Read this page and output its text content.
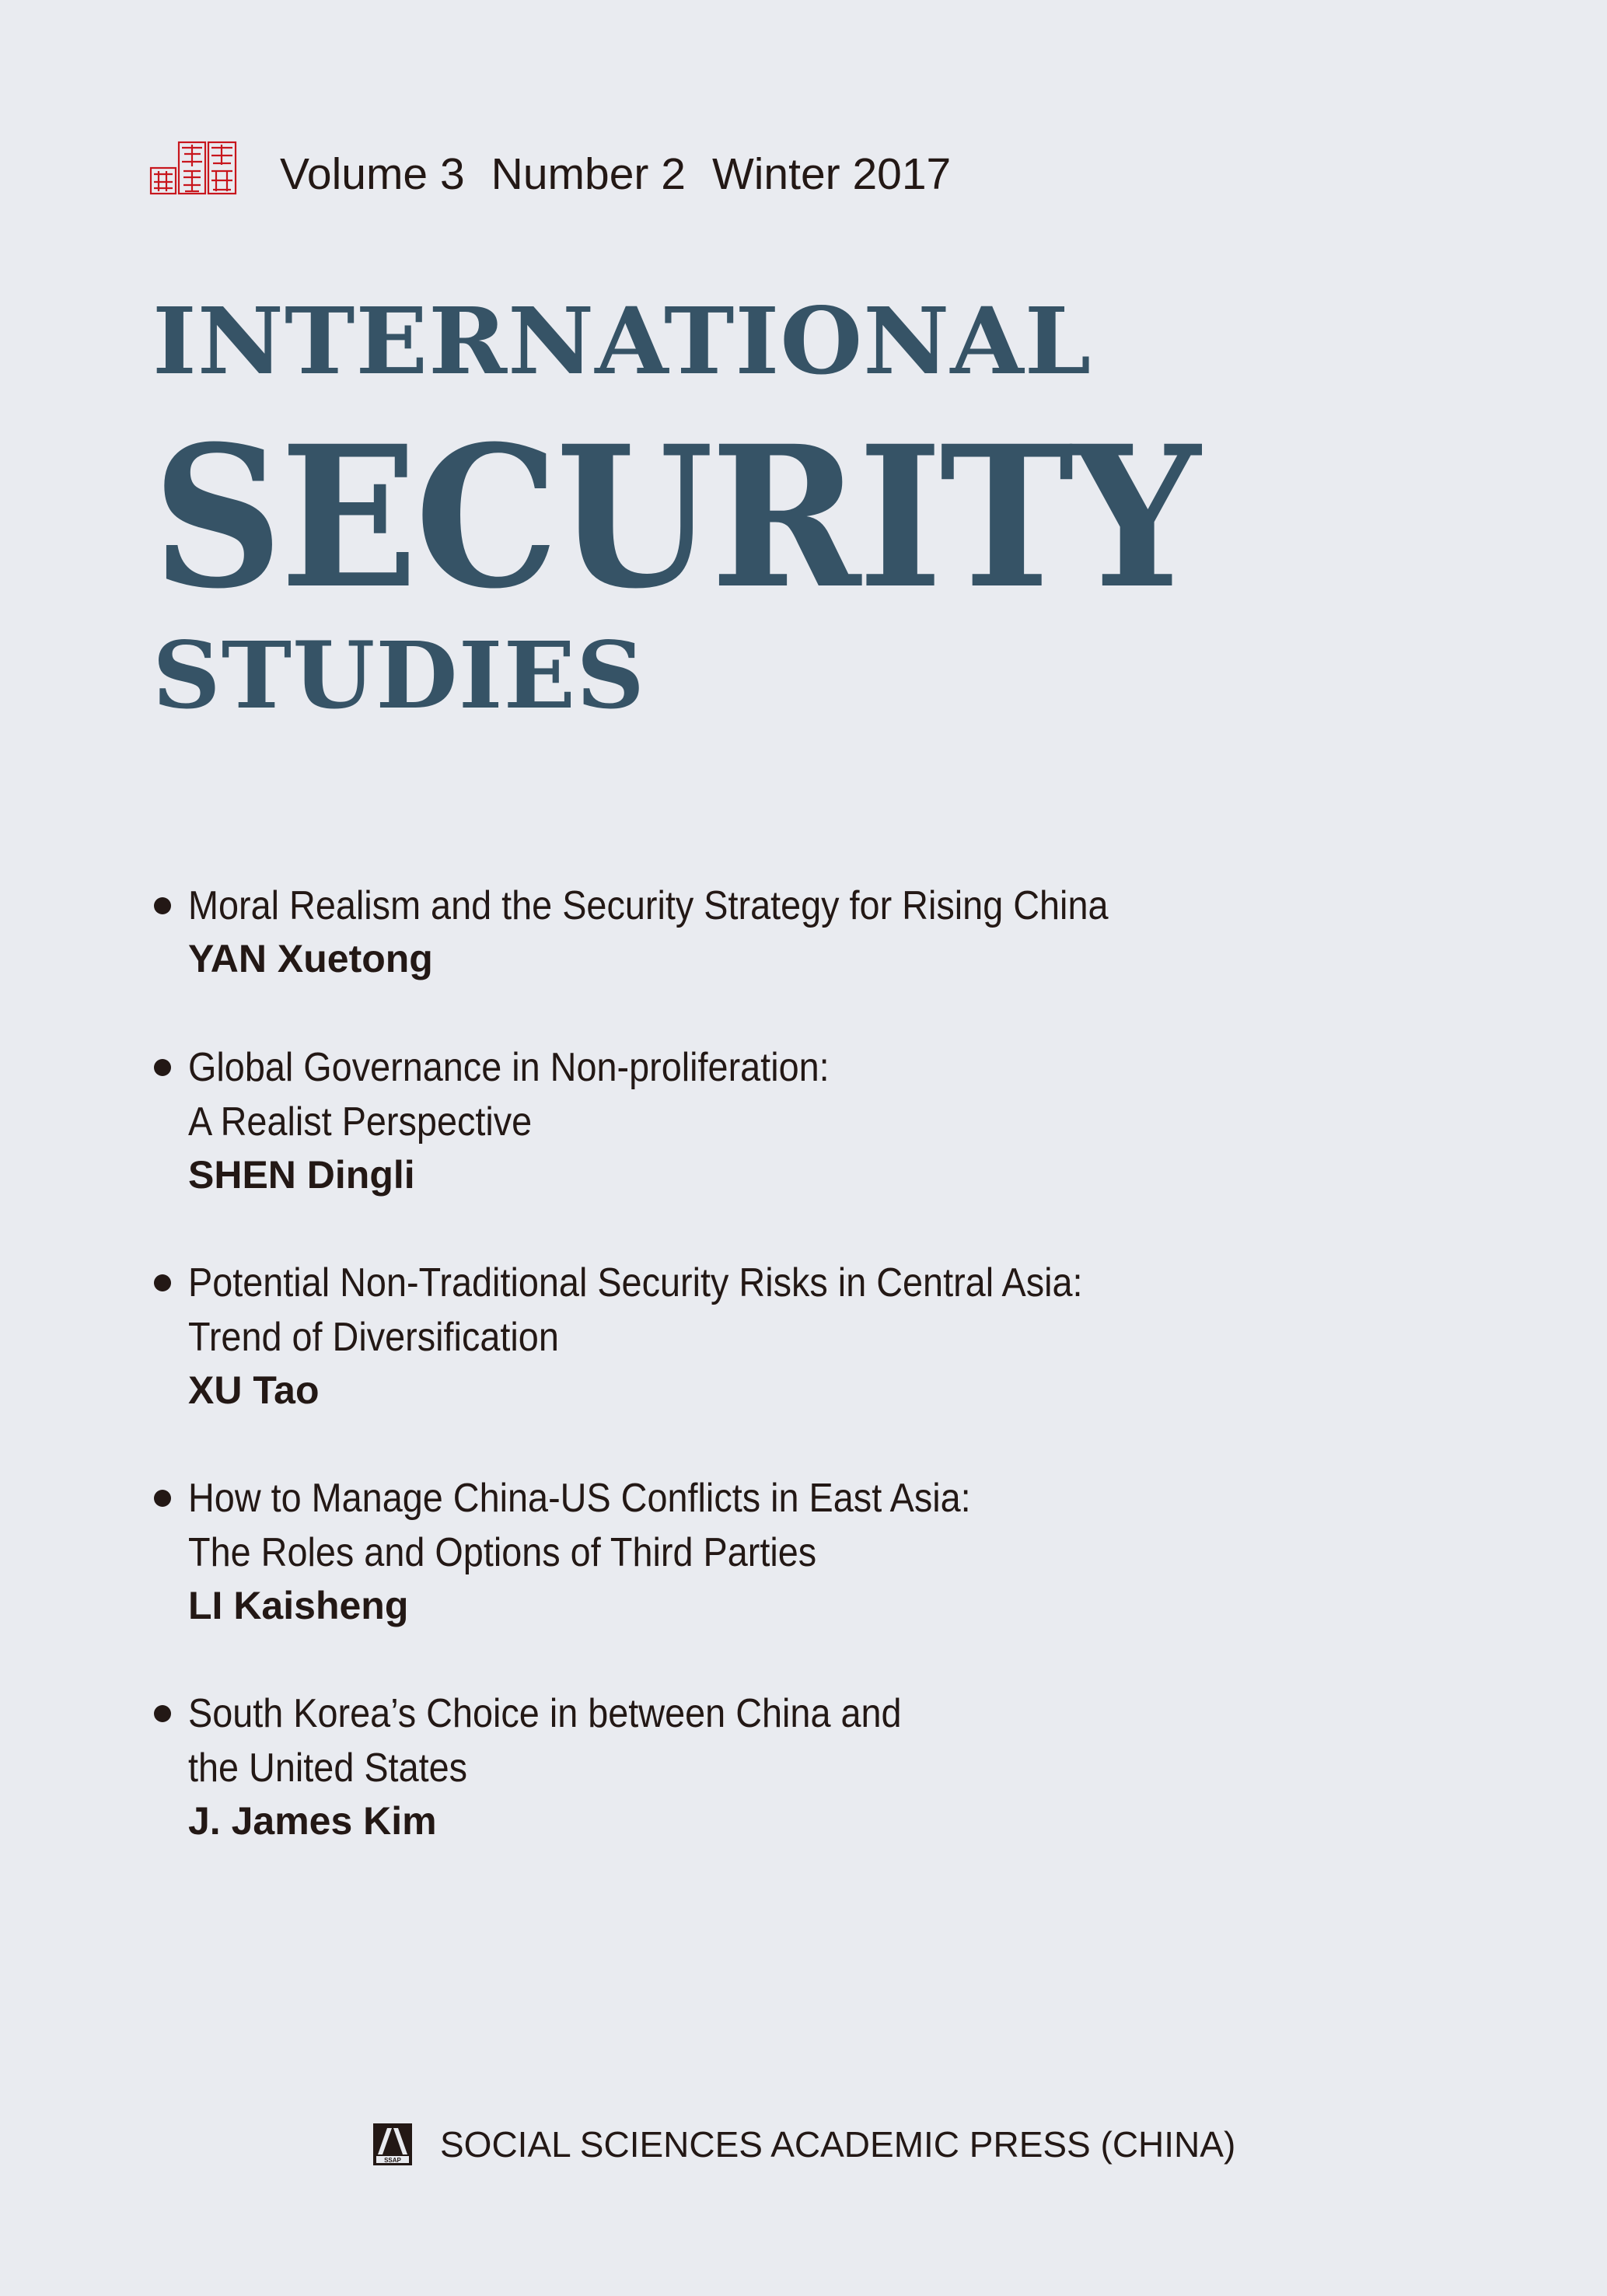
國際安全研究 Volume 3 Number 2 Winter 2017
INTERNATIONAL
SECURITY
STUDIES
Moral Realism and the Security Strategy for Rising China
YAN Xuetong
Global Governance in Non-proliferation:
A Realist Perspective
SHEN Dingli
Potential Non-Traditional Security Risks in Central Asia:
Trend of Diversification
XU Tao
How to Manage China-US Conflicts in East Asia:
The Roles and Options of Third Parties
LI Kaisheng
South Korea’s Choice in between China and
the United States
J. James Kim
SSAP SOCIAL SCIENCES ACADEMIC PRESS (CHINA)
